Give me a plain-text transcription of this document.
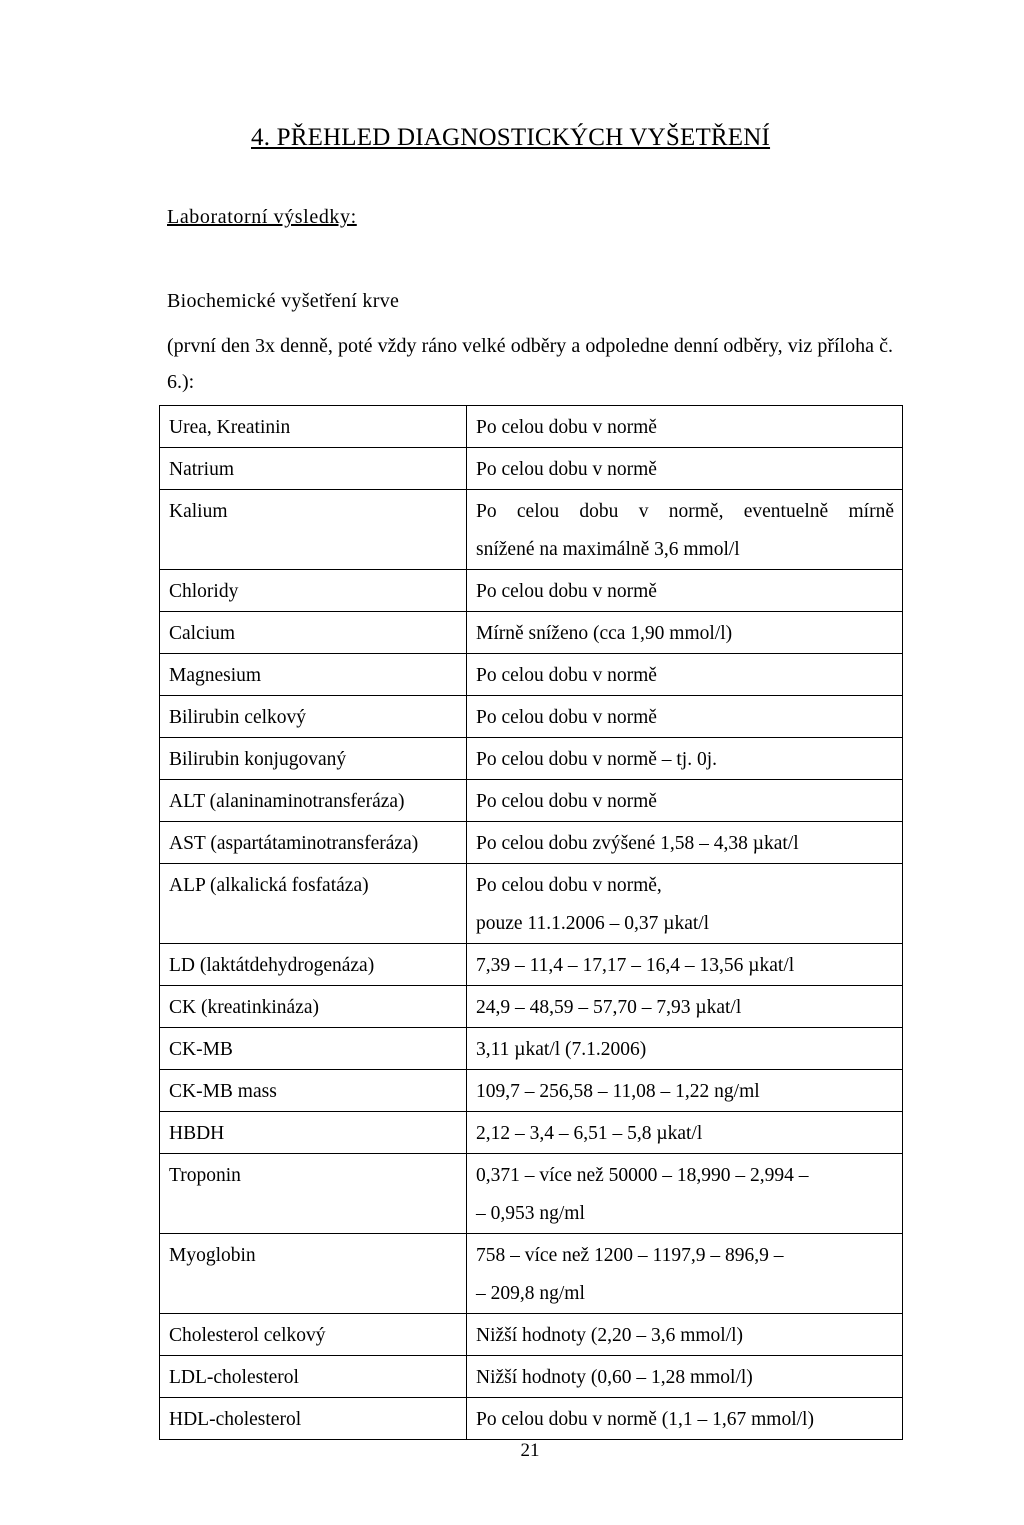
4. PŘEHLED DIAGNOSTICKÝCH VYŠETŘENÍ
Laboratorní výsledky:
Biochemické vyšetření krve
(první den 3x denně, poté vždy ráno velké odběry a odpoledne denní odběry, viz příloha č. 6.):
Urea, Kreatinin	Po celou dobu v normě
Natrium	Po celou dobu v normě
Kalium	Po celou dobu v normě, eventuelně mírně
snížené na maximálně 3,6 mmol/l

Chloridy	Po celou dobu v normě
Calcium	Mírně sníženo (cca 1,90 mmol/l)
Magnesium	Po celou dobu v normě
Bilirubin celkový	Po celou dobu v normě
Bilirubin konjugovaný	Po celou dobu v normě – tj. 0j.
ALT (alaninaminotransferáza)	Po celou dobu v normě
AST (aspartátaminotransferáza)	Po celou dobu zvýšené 1,58 – 4,38 µkat/l
ALP (alkalická fosfatáza)	Po celou dobu v normě,
pouze 11.1.2006 – 0,37 µkat/l

LD (laktátdehydrogenáza)	7,39 – 11,4 – 17,17 – 16,4 – 13,56 µkat/l
CK (kreatinkináza)	24,9 – 48,59 – 57,70 – 7,93 µkat/l
CK-MB	3,11 µkat/l (7.1.2006)
CK-MB mass	109,7 – 256,58 – 11,08 – 1,22 ng/ml
HBDH	2,12 – 3,4 – 6,51 – 5,8 µkat/l
Troponin	0,371 – více než 50000 – 18,990 – 2,994 –
– 0,953 ng/ml

Myoglobin	758 – více než 1200 – 1197,9 – 896,9 –
– 209,8 ng/ml

Cholesterol celkový	Nižší hodnoty (2,20 – 3,6 mmol/l)
LDL-cholesterol	Nižší hodnoty (0,60 – 1,28 mmol/l)
HDL-cholesterol	Po celou dobu v normě (1,1 – 1,67 mmol/l)
21
